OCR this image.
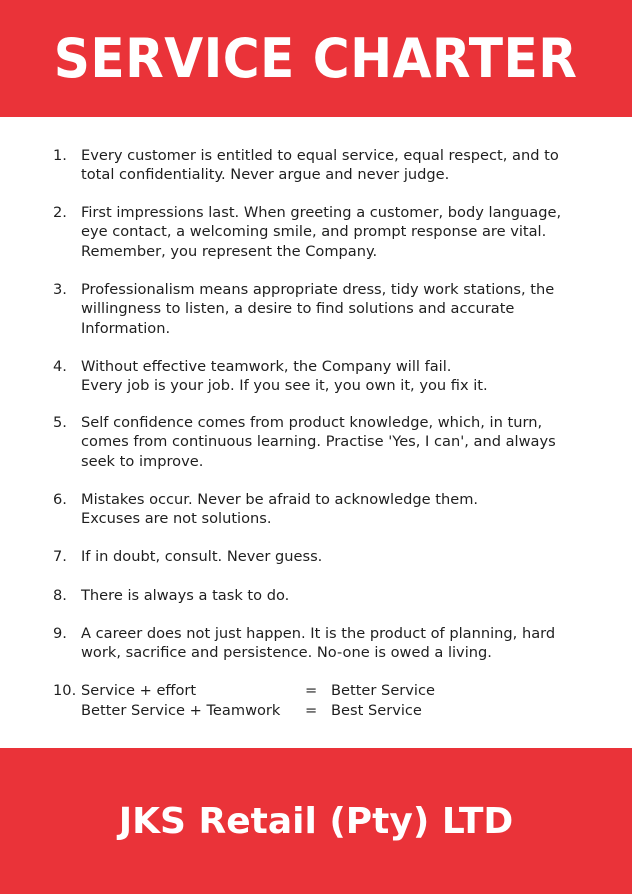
SERVICE CHARTER
1. Every customer is entitled to equal service, equal respect, and to
total confidentiality. Never argue and never judge.
2. First impressions last. When greeting a customer, body language,
eye contact, a welcoming smile, and prompt response are vital.
Remember, you represent the Company.
3. Professionalism means appropriate dress, tidy work stations, the
willingness to listen, a desire to find solutions and accurate
Information.
4. Without effective teamwork, the Company will fail.
Every job is your job. If you see it, you own it, you fix it.
5. Self confidence comes from product knowledge, which, in turn,
comes from continuous learning. Practise 'Yes, I can', and always
seek to improve.
6. Mistakes occur. Never be afraid to acknowledge them.
Excuses are not solutions.
7. If in doubt, consult. Never guess.
8. There is always a task to do.
9. A career does not just happen. It is the product of planning, hard
work, sacrifice and persistence. No-one is owed a living.
10. Service + effort	= Better Service
Better Service + Teamwork = Best Service
JKS Retail (Pty) LTD
